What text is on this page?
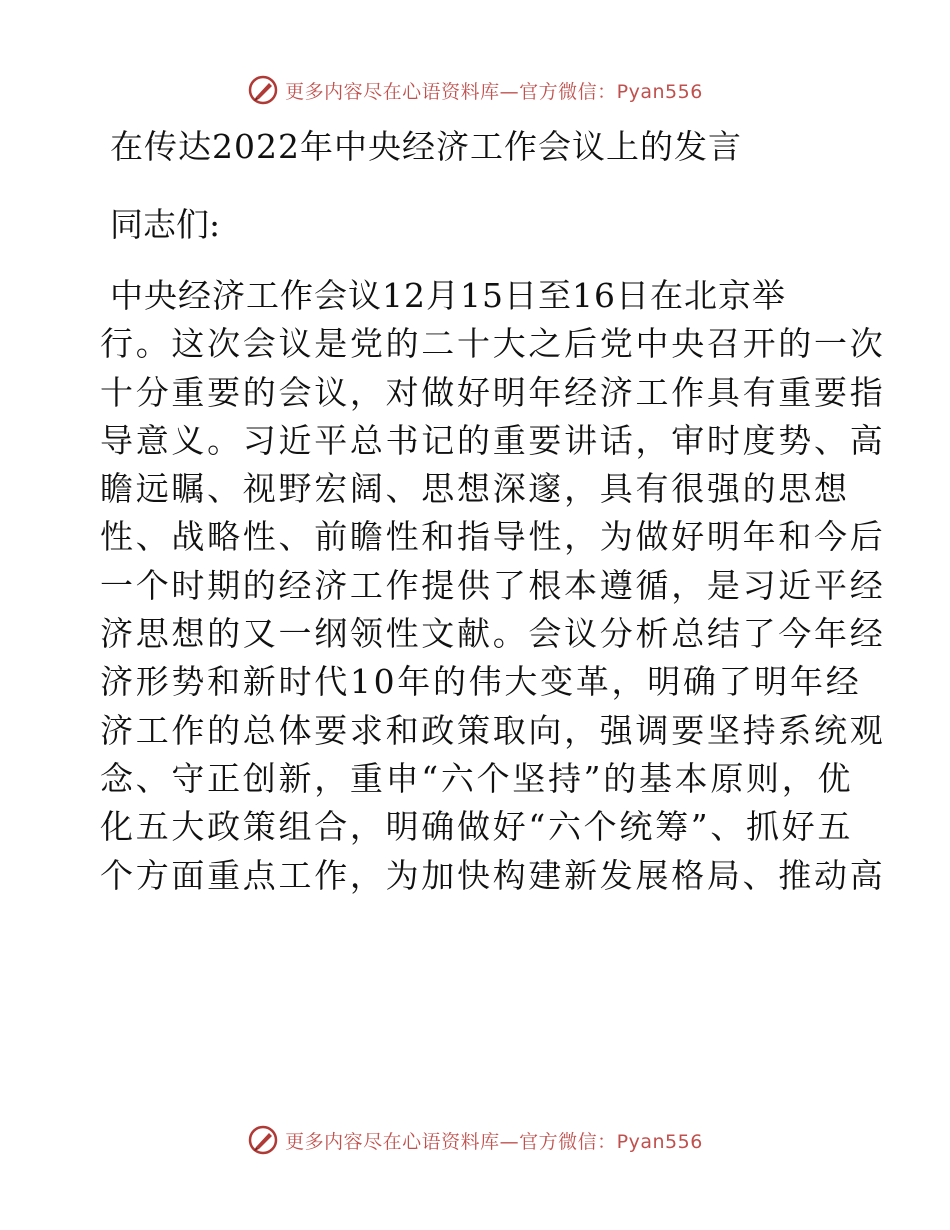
更多内容尽在心语资料库—官方微信：Pyan556
在传达2022年中央经济工作会议上的发言
同志们:
中央经济工作会议12月15日至16日在北京举
行。这次会议是党的二十大之后党中央召开的一次
十分重要的会议，对做好明年经济工作具有重要指
导意义。习近平总书记的重要讲话，审时度势、高
瞻远瞩、视野宏阔、思想深邃，具有很强的思想
性、战略性、前瞻性和指导性，为做好明年和今后
一个时期的经济工作提供了根本遵循，是习近平经
济思想的又一纲领性文献。会议分析总结了今年经
济形势和新时代10年的伟大变革，明确了明年经
济工作的总体要求和政策取向，强调要坚持系统观
念、守正创新，重申“六个坚持”的基本原则，优
化五大政策组合，明确做好“六个统筹”、抓好五
个方面重点工作，为加快构建新发展格局、推动高
更多内容尽在心语资料库—官方微信：Pyan556
